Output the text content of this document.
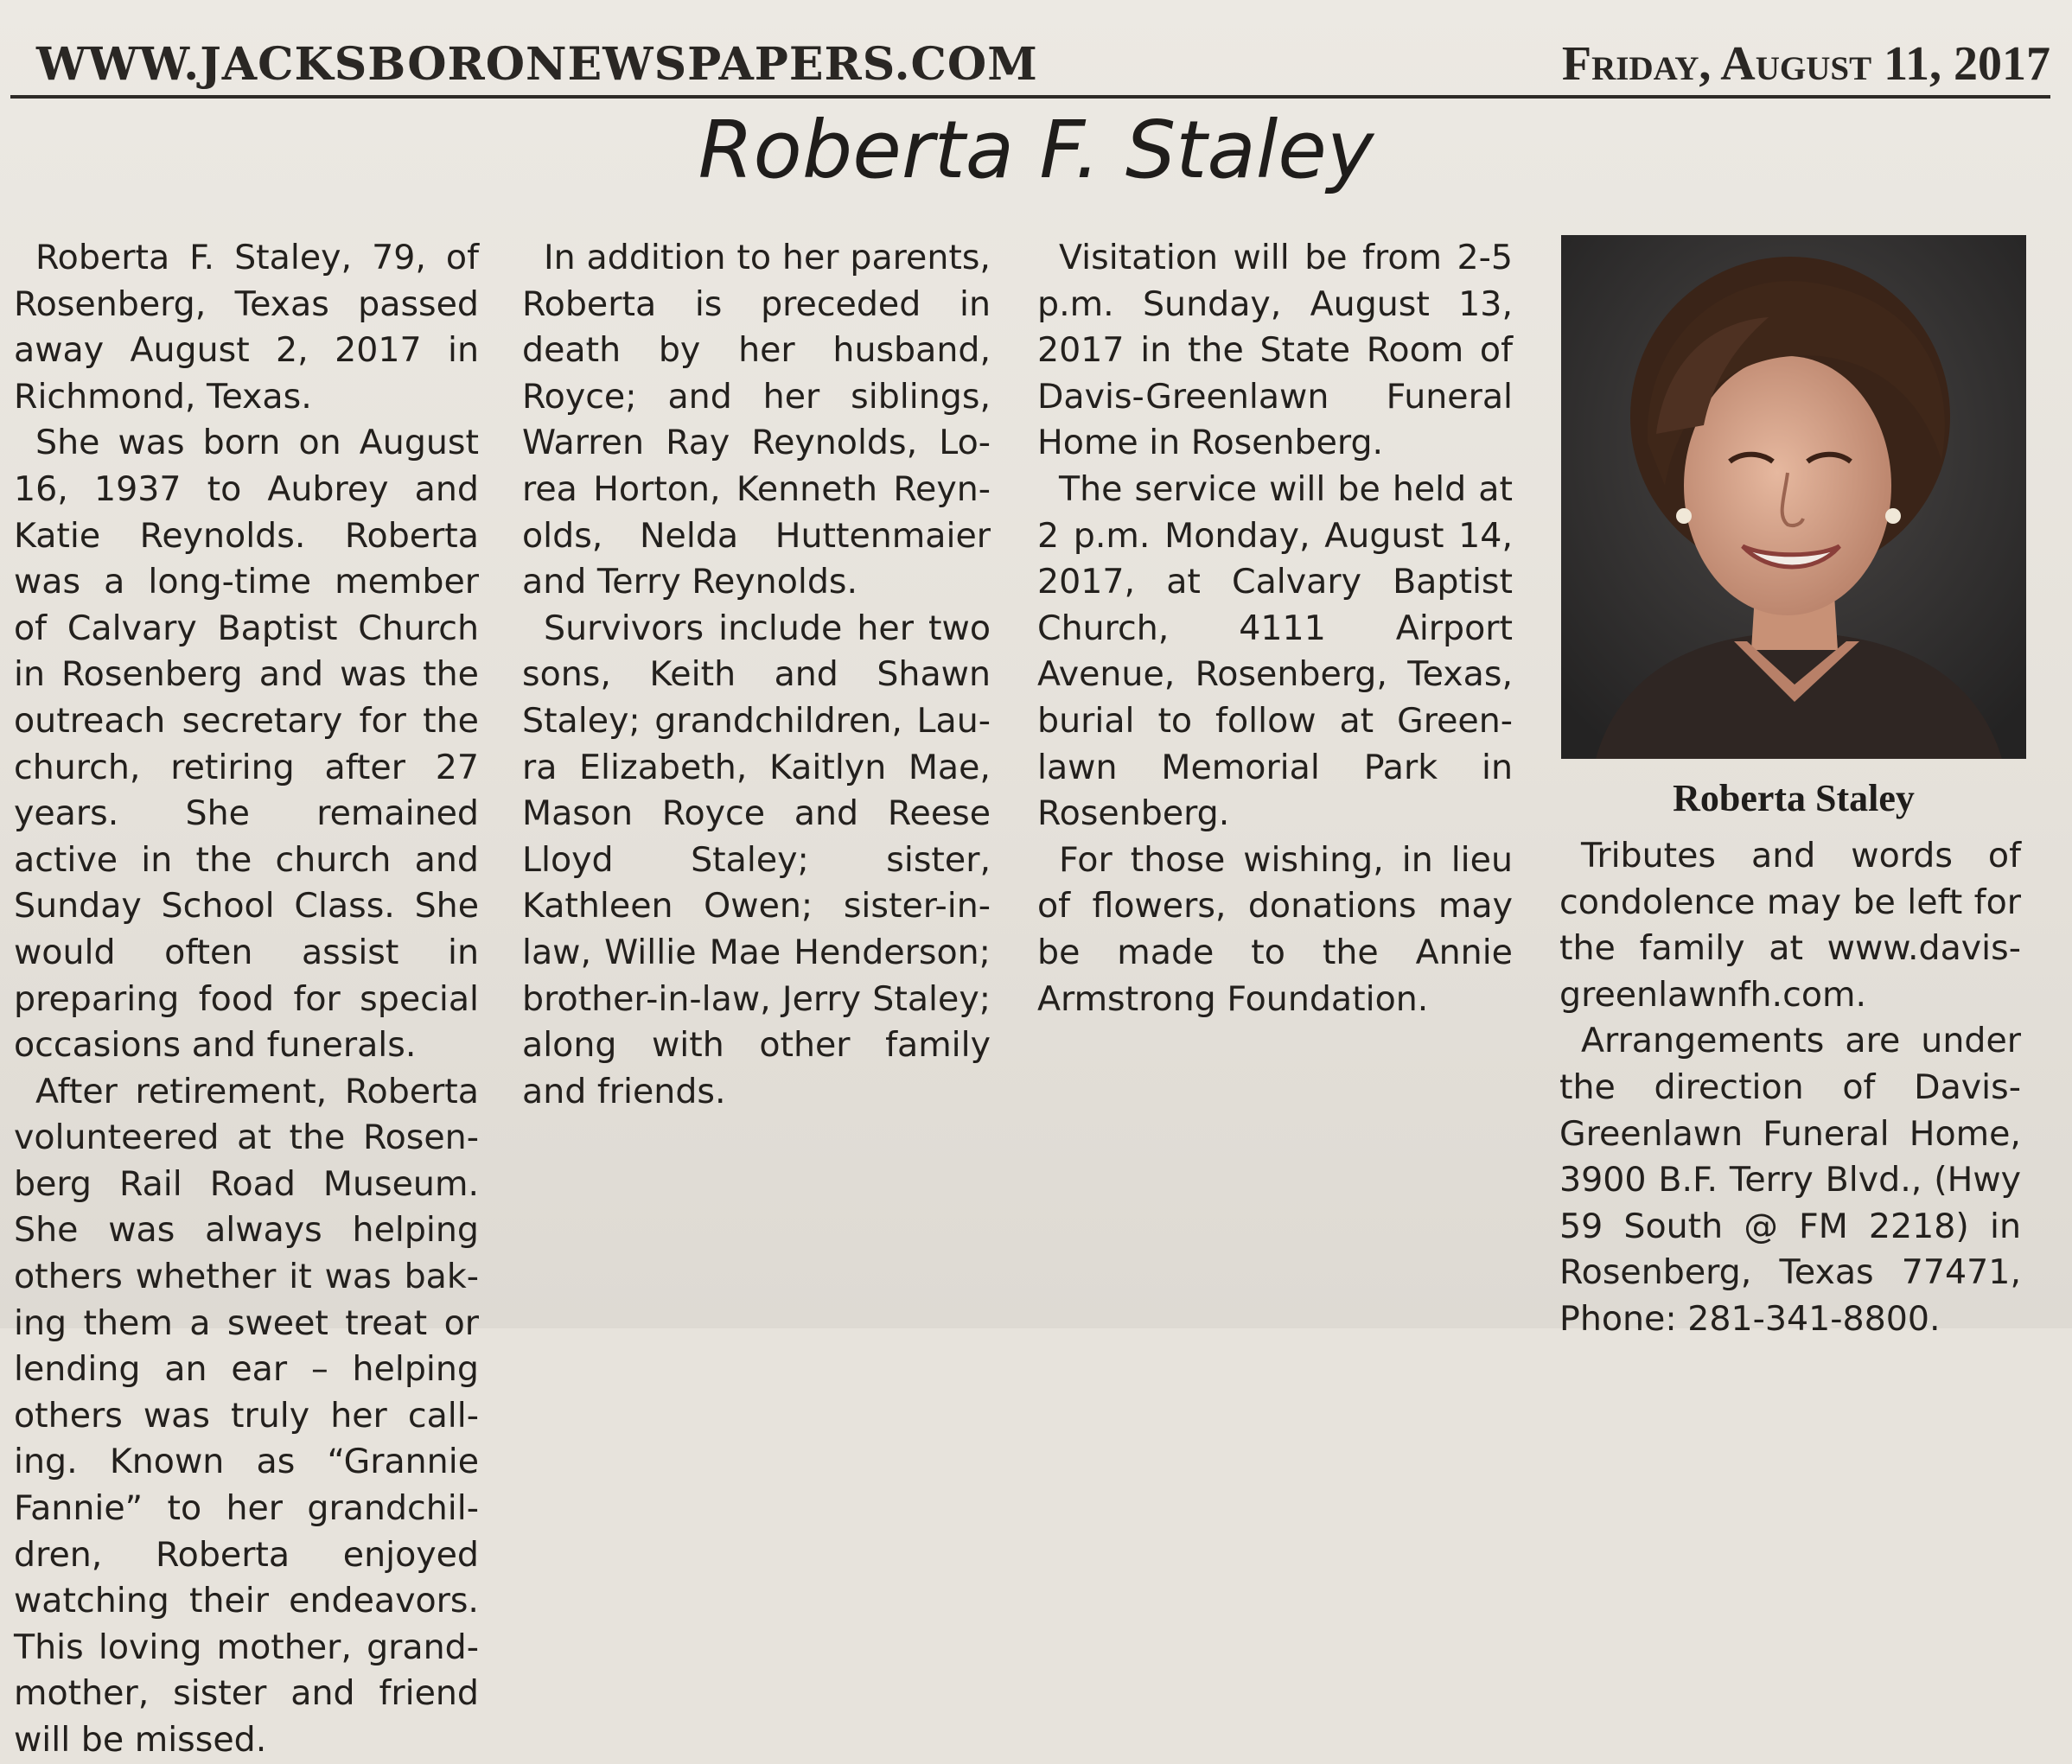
WWW.JACKSBORONEWSPAPERS.COM	Friday, August 11, 2017
Roberta F. Staley

Roberta F. Staley, 79, of Rosenberg, Texas passed away August 2, 2017 in Richmond, Texas.

She was born on August 16, 1937 to Aubrey and Katie Reynolds. Roberta was a long-time member of Calvary Baptist Church in Rosenberg and was the outreach secretary for the church, retiring after 27 years. She remained active in the church and Sunday School Class. She would often assist in preparing food for special occasions and funerals.

After retirement, Roberta volunteered at the Rosenberg Rail Road Museum. She was always helping others whether it was baking them a sweet treat or lending an ear – helping others was truly her calling. Known as “Grannie Fannie” to her grandchildren, Roberta enjoyed watching their endeavors. This loving mother, grandmother, sister and friend will be missed.

In addition to her parents, Roberta is preceded in death by her husband, Royce; and her siblings, Warren Ray Reynolds, Lorea Horton, Kenneth Reynolds, Nelda Huttenmaier and Terry Reynolds.

Survivors include her two sons, Keith and Shawn Staley; grandchildren, Laura Elizabeth, Kaitlyn Mae, Mason Royce and Reese Lloyd Staley; sister, Kathleen Owen; sister-in-law, Willie Mae Henderson; brother-in-law, Jerry Staley; along with other family and friends.

Visitation will be from 2-5 p.m. Sunday, August 13, 2017 in the State Room of Davis-Greenlawn Funeral Home in Rosenberg.

The service will be held at 2 p.m. Monday, August 14, 2017, at Calvary Baptist Church, 4111 Airport Avenue, Rosenberg, Texas, burial to follow at Greenlawn Memorial Park in Rosenberg.

For those wishing, in lieu of flowers, donations may be made to the Annie Armstrong Foundation.

Roberta Staley

Tributes and words of condolence may be left for the family at www.davis-greenlawnfh.com.

Arrangements are under the direction of Davis-Greenlawn Funeral Home, 3900 B.F. Terry Blvd., (Hwy 59 South @ FM 2218) in Rosenberg, Texas 77471, Phone: 281-341-8800.
